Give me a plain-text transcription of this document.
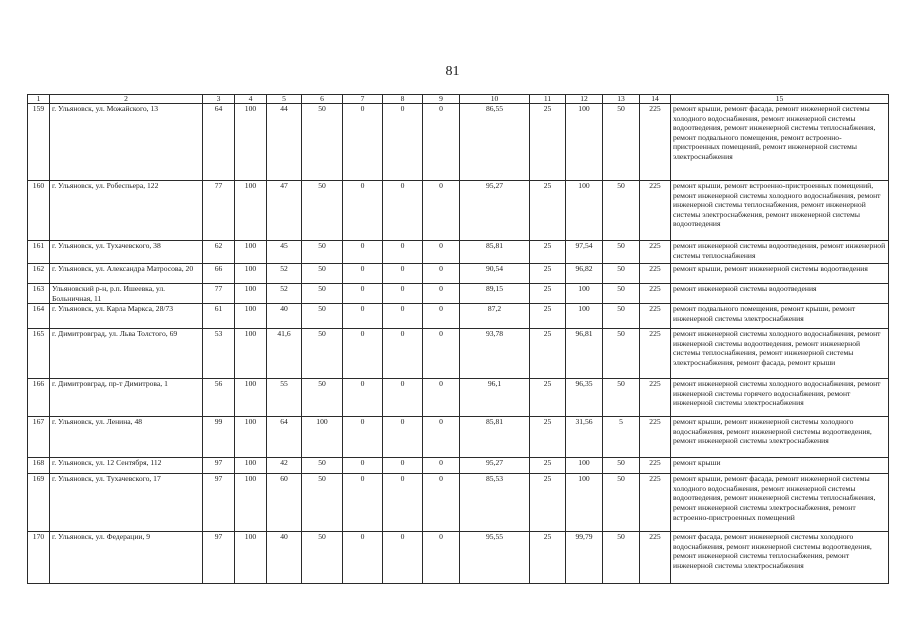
81
1	2	3	4	5	6	7	8	9	10	11	12	13	14	15
159	г. Ульяновск, ул. Можайского, 13	64	100	44	50	0	0	0	86,55	25	100	50	225	ремонт крыши, ремонт фасада, ремонт инженерной системы холодного водоснабжения, ремонт инженерной системы водоотведения, ремонт инженерной системы теплоснабжения, ремонт подвального помещения, ремонт встроенно-пристроенных помещений, ремонт инженерной системы электроснабжения
160	г. Ульяновск, ул. Робеспьера, 122	77	100	47	50	0	0	0	95,27	25	100	50	225	ремонт крыши, ремонт встроенно-пристроенных помещений, ремонт инженерной системы холодного водоснабжения, ремонт инженерной системы теплоснабжения, ремонт инженерной системы электроснабжения, ремонт инженерной системы водоотведения
161	г. Ульяновск, ул. Тухачевского, 38	62	100	45	50	0	0	0	85,81	25	97,54	50	225	ремонт инженерной системы водоотведения, ремонт инженерной системы теплоснабжения
162	г. Ульяновск, ул. Александра Матросова, 20	66	100	52	50	0	0	0	90,54	25	96,82	50	225	ремонт крыши, ремонт инженерной системы водоотведения
163	Ульяновский р-н, р.п. Ишеевка, ул. Больничная, 11	77	100	52	50	0	0	0	89,15	25	100	50	225	ремонт инженерной системы водоотведения
164	г. Ульяновск, ул. Карла Маркса, 28/73	61	100	40	50	0	0	0	87,2	25	100	50	225	ремонт подвального помещения, ремонт крыши, ремонт инженерной системы электроснабжения
165	г. Димитровград, ул. Льва Толстого, 69	53	100	41,6	50	0	0	0	93,78	25	96,81	50	225	ремонт инженерной системы холодного водоснабжения, ремонт инженерной системы водоотведения, ремонт инженерной системы теплоснабжения, ремонт инженерной системы электроснабжения, ремонт фасада, ремонт крыши
166	г. Димитровград, пр-т Димитрова, 1	56	100	55	50	0	0	0	96,1	25	96,35	50	225	ремонт инженерной системы холодного водоснабжения, ремонт инженерной системы горячего водоснабжения, ремонт инженерной системы электроснабжения
167	г. Ульяновск, ул. Ленина, 48	99	100	64	100	0	0	0	85,81	25	31,56	5	225	ремонт крыши, ремонт инженерной системы холодного водоснабжения, ремонт инженерной системы водоотведения, ремонт инженерной системы электроснабжения
168	г. Ульяновск, ул. 12 Сентября, 112	97	100	42	50	0	0	0	95,27	25	100	50	225	ремонт крыши
169	г. Ульяновск, ул. Тухачевского, 17	97	100	60	50	0	0	0	85,53	25	100	50	225	ремонт крыши, ремонт фасада, ремонт инженерной системы холодного водоснабжения, ремонт инженерной системы водоотведения, ремонт инженерной системы теплоснабжения, ремонт инженерной системы электроснабжения, ремонт встроенно-пристроенных помещений
170	г. Ульяновск, ул. Федерации, 9	97	100	40	50	0	0	0	95,55	25	99,79	50	225	ремонт фасада, ремонт инженерной системы холодного водоснабжения, ремонт инженерной системы водоотведения, ремонт инженерной системы теплоснабжения, ремонт инженерной системы электроснабжения
